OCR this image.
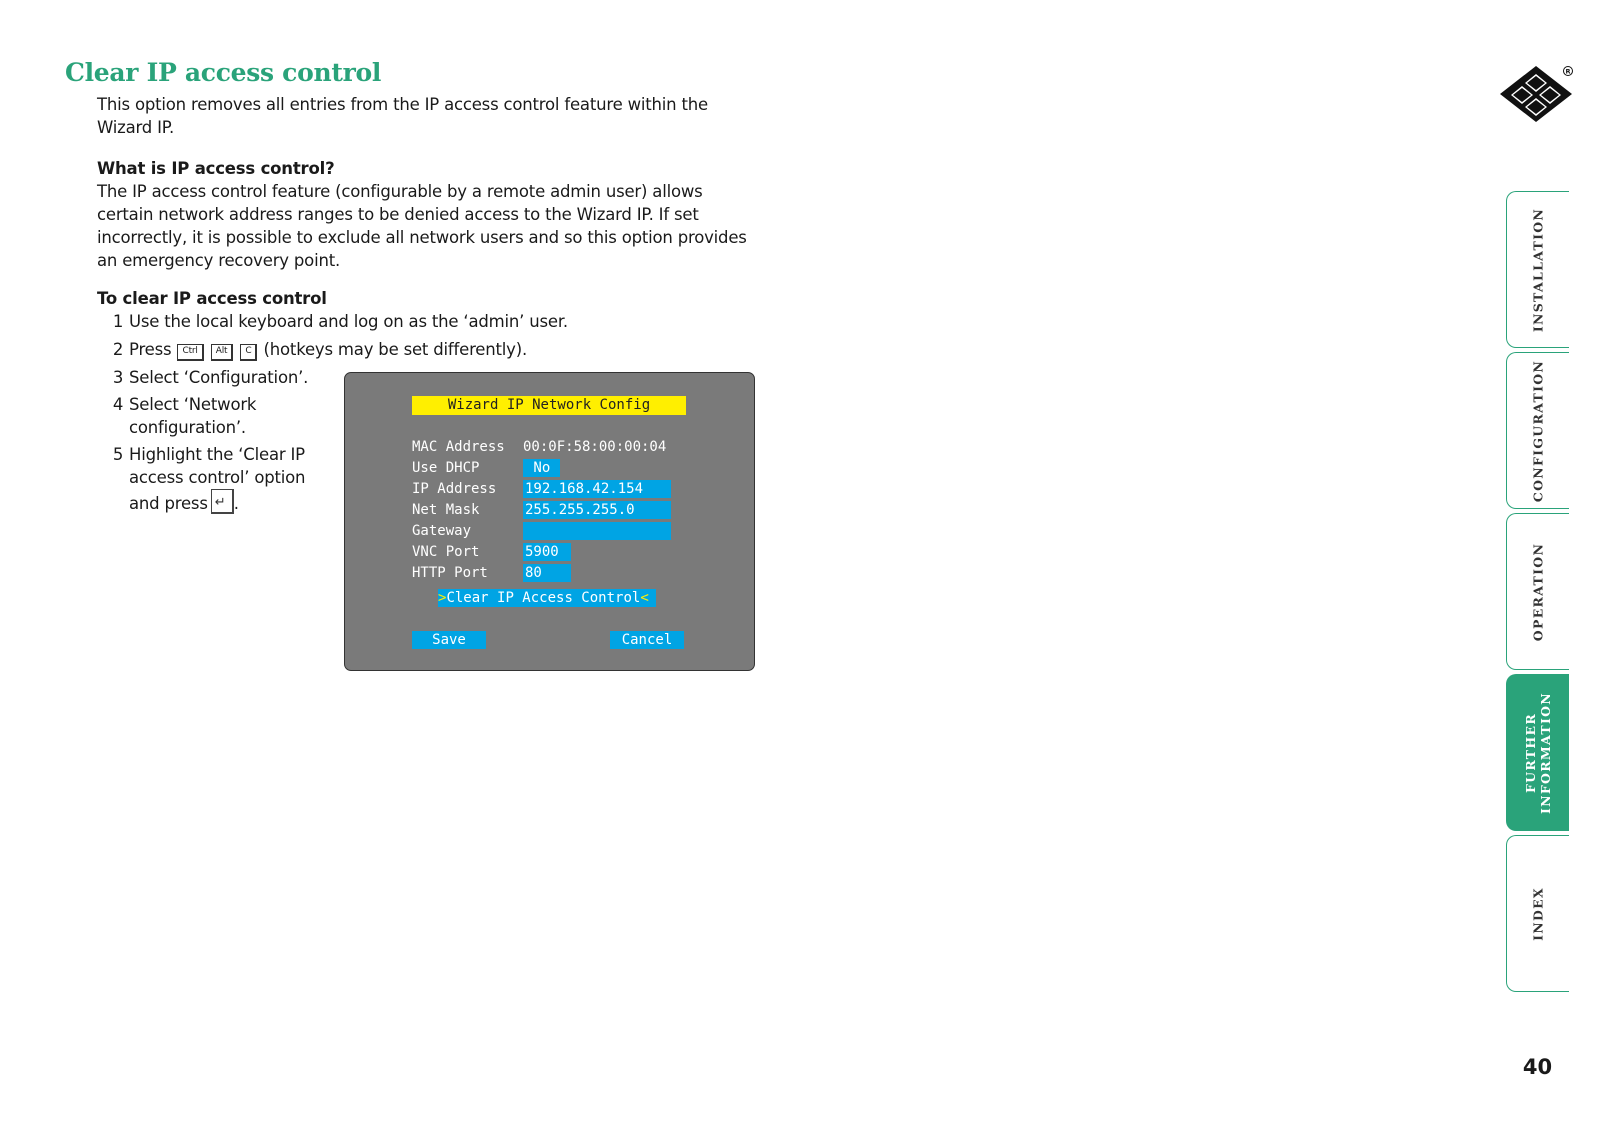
Clear IP access control
This option removes all entries from the IP access control feature within the Wizard IP.
What is IP access control?
The IP access control feature (configurable by a remote admin user) allows certain network address ranges to be denied access to the Wizard IP. If set incorrectly, it is possible to exclude all network users and so this option provides an emergency recovery point.
To clear IP access control
1 Use the local keyboard and log on as the ‘admin’ user.
2 Press Ctrl Alt C (hotkeys may be set differently).
3 Select ‘Configuration’.
4 Select ‘Network configuration’.
5 Highlight the ‘Clear IP access control’ option and press↵ .
Wizard IP Network Config
MAC Address	00:0F:58:00:00:04
Use DHCP	No
IP Address	192.168.42.154
Net Mask	255.255.255.0
Gateway
VNC Port	5900
HTTP Port	80
>Clear IP Access Control<
Save	Cancel
R
INSTALLATION
CONFIGURATION
OPERATION
FURTHER
INFORMATION
INDEX
40
